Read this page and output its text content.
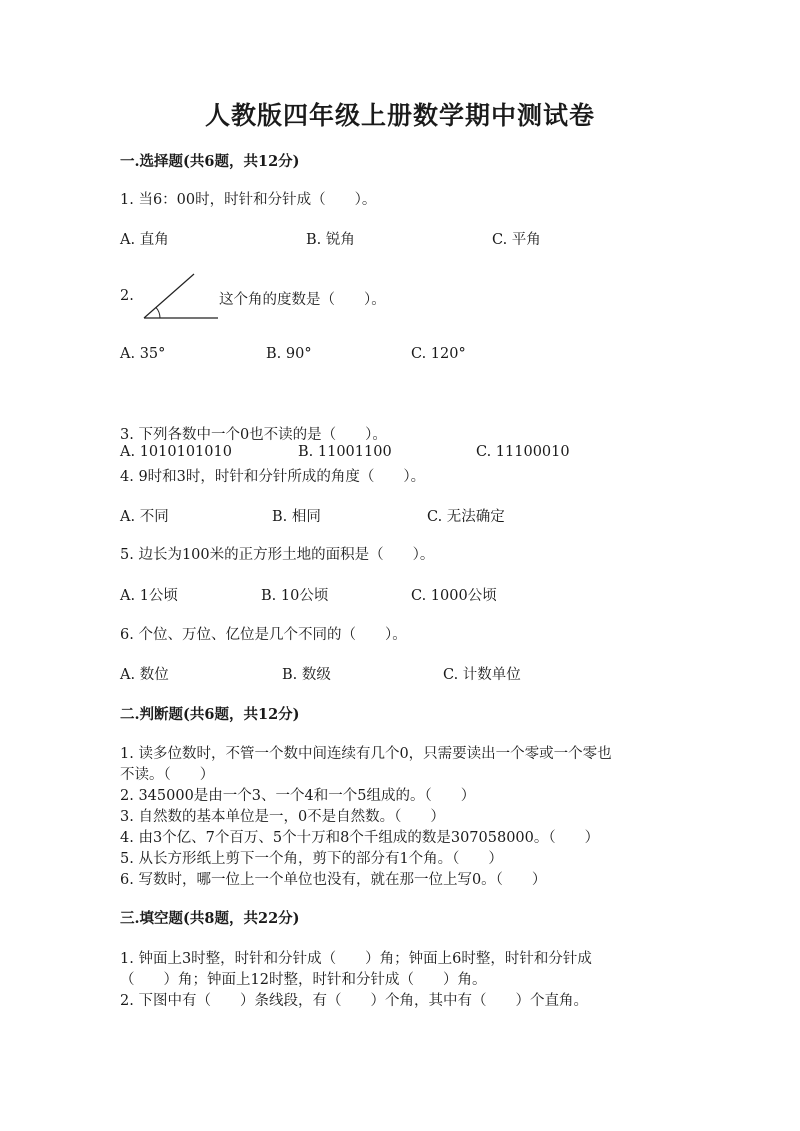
人教版四年级上册数学期中测试卷
一.选择题(共6题，共12分)
1. 当6：00时，时针和分针成（　　）。
A. 直角	B. 锐角	C. 平角
2.	这个角的度数是（　　）。
A. 35°	B. 90°	C. 120°
3. 下列各数中一个0也不读的是（　　）。
A. 1010101010	B. 11001100	C. 11100010
4. 9时和3时，时针和分针所成的角度（　　）。
A. 不同	B. 相同	C. 无法确定
5. 边长为100米的正方形土地的面积是（　　）。
A. 1公顷	B. 10公顷	C. 1000公顷
6. 个位、万位、亿位是几个不同的（　　）。
A. 数位	B. 数级	C. 计数单位
二.判断题(共6题，共12分)
1. 读多位数时，不管一个数中间连续有几个0，只需要读出一个零或一个零也
不读。（　　）
2. 345000是由一个3、一个4和一个5组成的。（　　）
3. 自然数的基本单位是一，0不是自然数。（　　）
4. 由3个亿、7个百万、5个十万和8个千组成的数是307058000。（　　）
5. 从长方形纸上剪下一个角，剪下的部分有1个角。（　　）
6. 写数时，哪一位上一个单位也没有，就在那一位上写0。（　　）
三.填空题(共8题，共22分)
1. 钟面上3时整，时针和分针成（　　）角；钟面上6时整，时针和分针成
（　　）角；钟面上12时整，时针和分针成（　　）角。
2. 下图中有（　　）条线段，有（　　）个角，其中有（　　）个直角。
